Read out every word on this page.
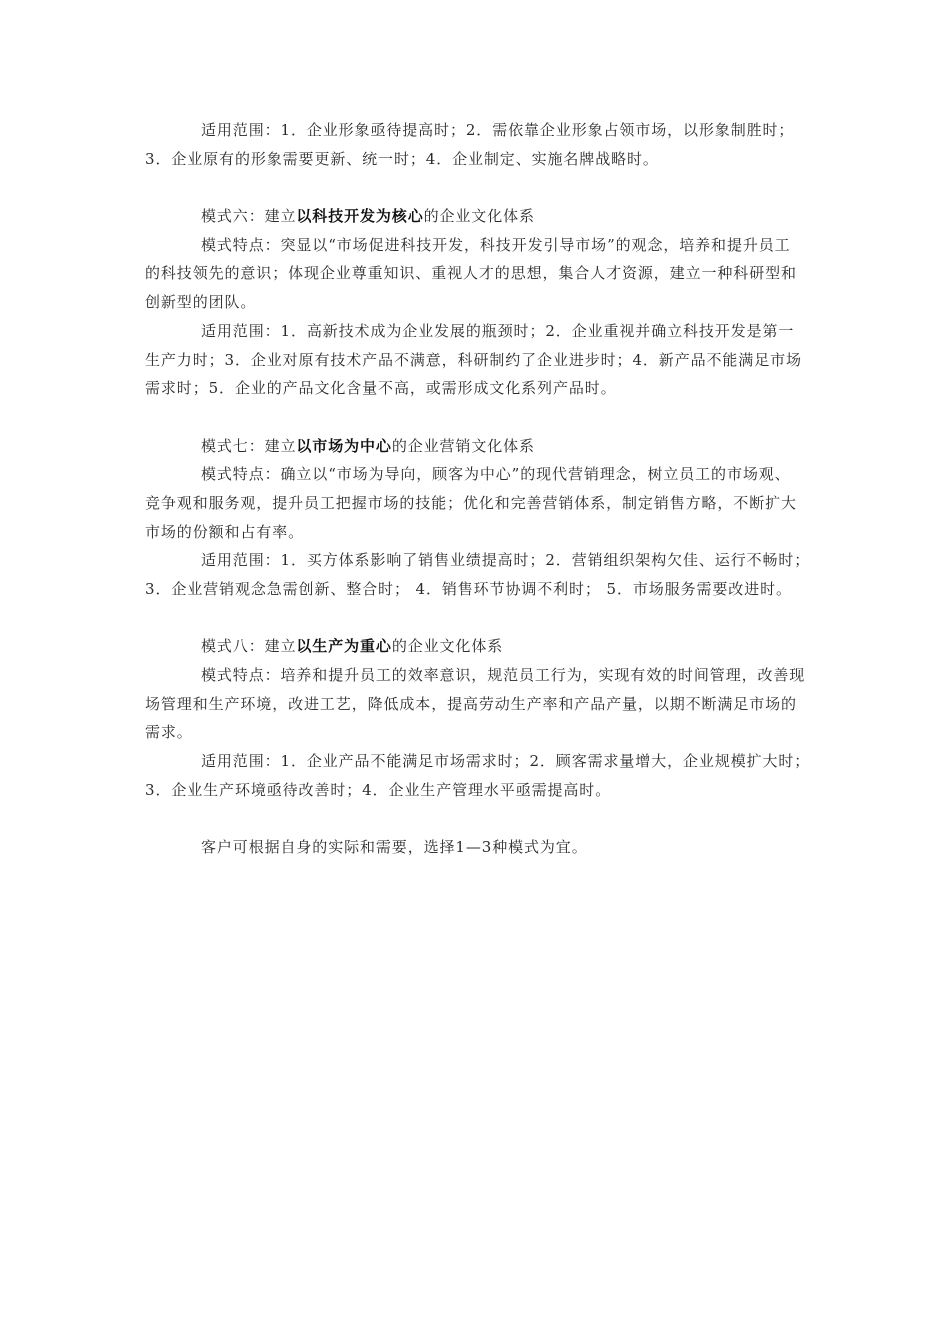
适用范围：1．企业形象亟待提高时；2．需依靠企业形象占领市场，以形象制胜时；
3．企业原有的形象需要更新、统一时；4．企业制定、实施名牌战略时。
模式六：建立以科技开发为核心的企业文化体系
模式特点：突显以“市场促进科技开发，科技开发引导市场”的观念，培养和提升员工
的科技领先的意识；体现企业尊重知识、重视人才的思想，集合人才资源，建立一种科研型和
创新型的团队。
适用范围：1．高新技术成为企业发展的瓶颈时；2．企业重视并确立科技开发是第一
生产力时；3．企业对原有技术产品不满意，科研制约了企业进步时；4．新产品不能满足市场
需求时；5．企业的产品文化含量不高，或需形成文化系列产品时。
模式七：建立以市场为中心的企业营销文化体系
模式特点：确立以“市场为导向，顾客为中心”的现代营销理念，树立员工的市场观、
竞争观和服务观，提升员工把握市场的技能；优化和完善营销体系，制定销售方略，不断扩大
市场的份额和占有率。
适用范围：1．买方体系影响了销售业绩提高时；2．营销组织架构欠佳、运行不畅时；
3．企业营销观念急需创新、整合时； 4．销售环节协调不利时； 5．市场服务需要改进时。
模式八：建立以生产为重心的企业文化体系
模式特点：培养和提升员工的效率意识，规范员工行为，实现有效的时间管理，改善现
场管理和生产环境，改进工艺，降低成本，提高劳动生产率和产品产量，以期不断满足市场的
需求。
适用范围：1．企业产品不能满足市场需求时；2．顾客需求量增大，企业规模扩大时；
3．企业生产环境亟待改善时；4．企业生产管理水平亟需提高时。
客户可根据自身的实际和需要，选择1—3种模式为宜。
